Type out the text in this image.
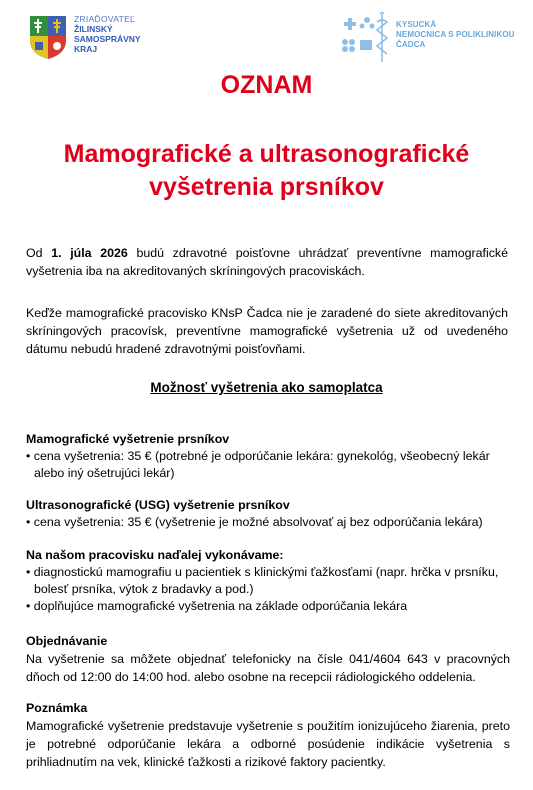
ZRIAĎOVATEĽ
ŽILINSKÝ
SAMOSPRÁVNY
KRAJ
KYSUCKÁ
NEMOCNICA S POLIKLINIKOU
ČADCA
OZNAM
Mamografické a ultrasonografické
vyšetrenia prsníkov
Od 1. júla 2026 budú zdravotné poisťovne uhrádzať preventívne mamografické vyšetrenia iba na akreditovaných skríningových pracoviskách.
Keďže mamografické pracovisko KNsP Čadca nie je zaradené do siete akreditovaných skríningových pracovísk, preventívne mamografické vyšetrenia už od uvedeného dátumu nebudú hradené zdravotnými poisťovňami.
Možnosť vyšetrenia ako samoplatca
Mamografické vyšetrenie prsníkov
• cena vyšetrenia: 35 € (potrebné je odporúčanie lekára: gynekológ, všeobecný lekár alebo iný ošetrujúci lekár)
Ultrasonografické (USG) vyšetrenie prsníkov
• cena vyšetrenia: 35 € (vyšetrenie je možné absolvovať aj bez odporúčania lekára)
Na našom pracovisku naďalej vykonávame:
• diagnostickú mamografiu u pacientiek s klinickými ťažkosťami (napr. hrčka v prsníku, bolesť prsníka, výtok z bradavky a pod.)
• doplňujúce mamografické vyšetrenia na základe odporúčania lekára
Objednávanie
Na vyšetrenie sa môžete objednať telefonicky na čísle 041/4604 643 v pracovných dňoch od 12:00 do 14:00 hod. alebo osobne na recepcii rádiologického oddelenia.
Poznámka
Mamografické vyšetrenie predstavuje vyšetrenie s použitím ionizujúceho žiarenia, preto je potrebné odporúčanie lekára a odborné posúdenie indikácie vyšetrenia s prihliadnutím na vek, klinické ťažkosti a rizikové faktory pacientky.
